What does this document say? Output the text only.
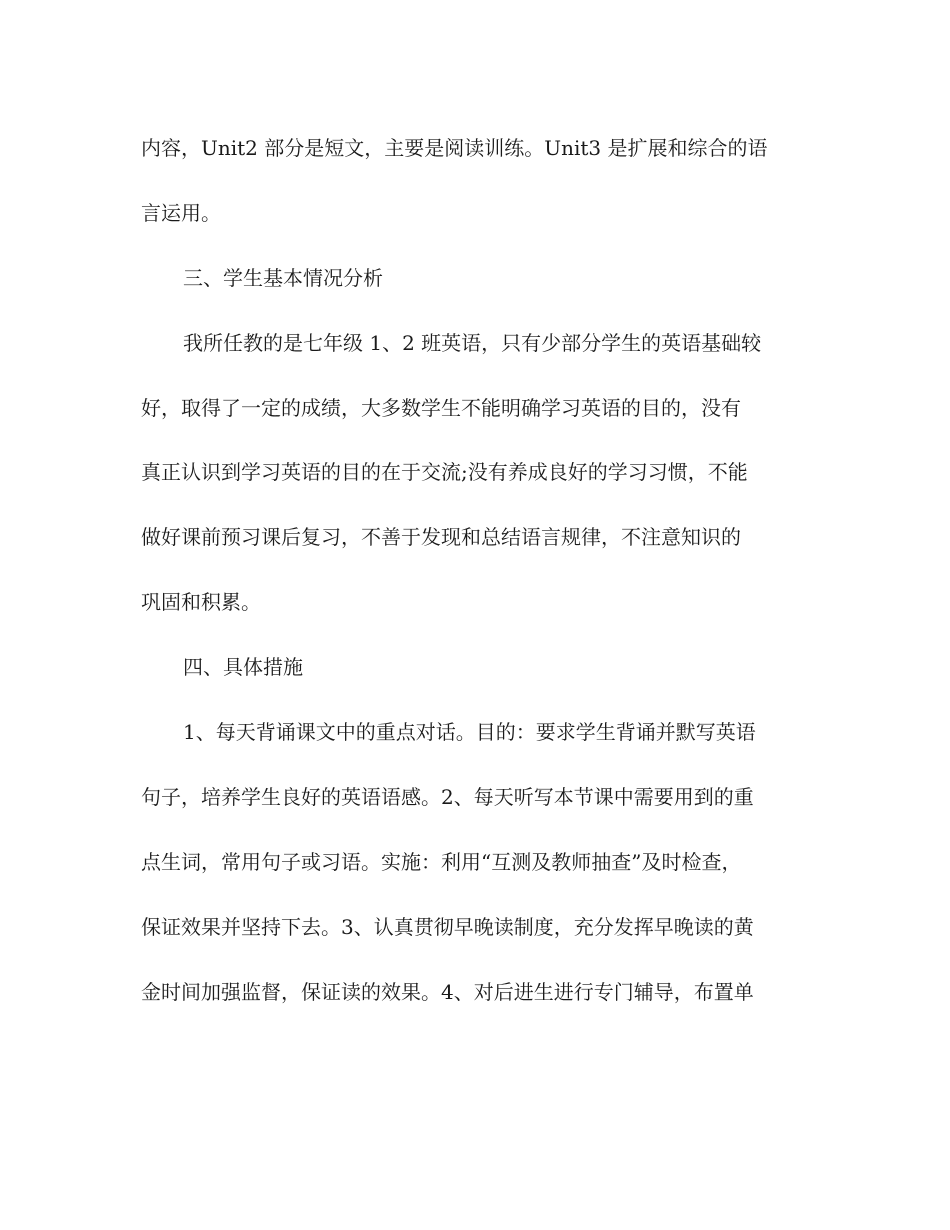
内容，Unit2 部分是短文，主要是阅读训练。Unit3 是扩展和综合的语
言运用。
三、学生基本情况分析
我所任教的是七年级 1、2 班英语，只有少部分学生的英语基础较
好，取得了一定的成绩，大多数学生不能明确学习英语的目的，没有
真正认识到学习英语的目的在于交流;没有养成良好的学习习惯，不能
做好课前预习课后复习，不善于发现和总结语言规律，不注意知识的
巩固和积累。
四、具体措施
1、每天背诵课文中的重点对话。目的：要求学生背诵并默写英语
句子，培养学生良好的英语语感。2、每天听写本节课中需要用到的重
点生词，常用句子或习语。实施：利用“互测及教师抽查”及时检查，
保证效果并坚持下去。3、认真贯彻早晚读制度，充分发挥早晚读的黄
金时间加强监督，保证读的效果。4、对后进生进行专门辅导，布置单
